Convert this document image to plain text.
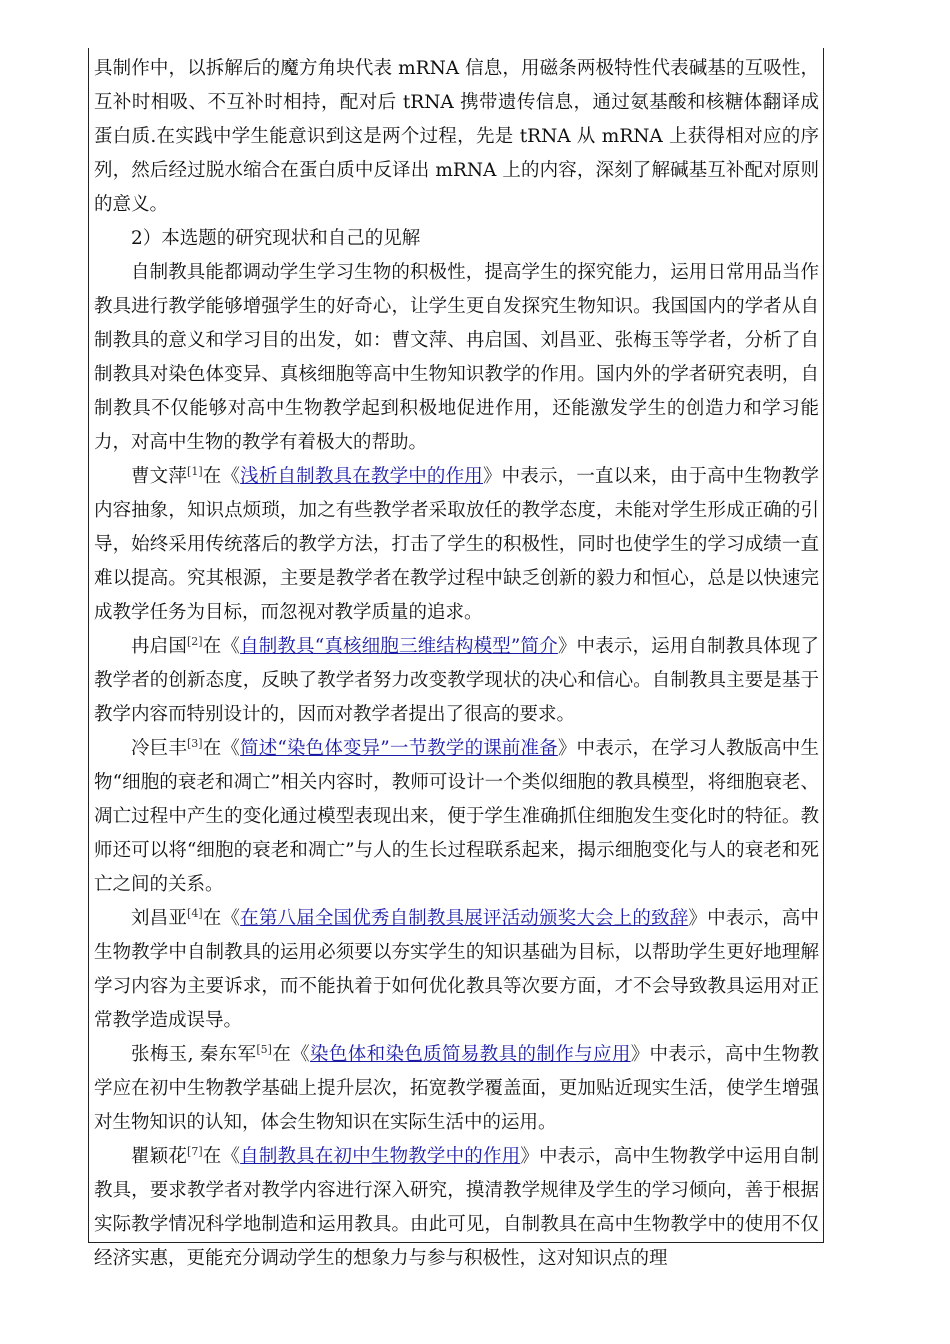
具制作中，以拆解后的魔方角块代表 mRNA 信息，用磁条两极特性代表碱基的互吸性，互补时相吸、不互补时相持，配对后 tRNA 携带遗传信息，通过氨基酸和核糖体翻译成蛋白质.在实践中学生能意识到这是两个过程，先是 tRNA 从 mRNA 上获得相对应的序列，然后经过脱水缩合在蛋白质中反译出 mRNA 上的内容，深刻了解碱基互补配对原则的意义。

2）本选题的研究现状和自己的见解

自制教具能都调动学生学习生物的积极性，提高学生的探究能力，运用日常用品当作教具进行教学能够增强学生的好奇心，让学生更自发探究生物知识。我国国内的学者从自制教具的意义和学习目的出发，如：曹文萍、冉启国、刘昌亚、张梅玉等学者，分析了自制教具对染色体变异、真核细胞等高中生物知识教学的作用。国内外的学者研究表明，自制教具不仅能够对高中生物教学起到积极地促进作用，还能激发学生的创造力和学习能力，对高中生物的教学有着极大的帮助。

曹文萍[1]在《浅析自制教具在教学中的作用》中表示，一直以来，由于高中生物教学内容抽象，知识点烦琐，加之有些教学者采取放任的教学态度，未能对学生形成正确的引导，始终采用传统落后的教学方法，打击了学生的积极性，同时也使学生的学习成绩一直难以提高。究其根源，主要是教学者在教学过程中缺乏创新的毅力和恒心，总是以快速完成教学任务为目标，而忽视对教学质量的追求。

冉启国[2]在《自制教具“真核细胞三维结构模型”简介》中表示，运用自制教具体现了教学者的创新态度，反映了教学者努力改变教学现状的决心和信心。自制教具主要是基于教学内容而特别设计的，因而对教学者提出了很高的要求。

冷巨丰[3]在《简述“染色体变异”一节教学的课前准备》中表示，在学习人教版高中生物“细胞的衰老和凋亡”相关内容时，教师可设计一个类似细胞的教具模型，将细胞衰老、凋亡过程中产生的变化通过模型表现出来，便于学生准确抓住细胞发生变化时的特征。教师还可以将“细胞的衰老和凋亡”与人的生长过程联系起来，揭示细胞变化与人的衰老和死亡之间的关系。

刘昌亚[4]在《在第八届全国优秀自制教具展评活动颁奖大会上的致辞》中表示，高中生物教学中自制教具的运用必须要以夯实学生的知识基础为目标，以帮助学生更好地理解学习内容为主要诉求，而不能执着于如何优化教具等次要方面，才不会导致教具运用对正常教学造成误导。

张梅玉, 秦东军[5]在《染色体和染色质简易教具的制作与应用》中表示，高中生物教学应在初中生物教学基础上提升层次，拓宽教学覆盖面，更加贴近现实生活，使学生增强对生物知识的认知，体会生物知识在实际生活中的运用。

瞿颖花[7]在《自制教具在初中生物教学中的作用》中表示，高中生物教学中运用自制教具，要求教学者对教学内容进行深入研究，摸清教学规律及学生的学习倾向，善于根据实际教学情况科学地制造和运用教具。由此可见，自制教具在高中生物教学中的使用不仅经济实惠，更能充分调动学生的想象力与参与积极性，这对知识点的理
